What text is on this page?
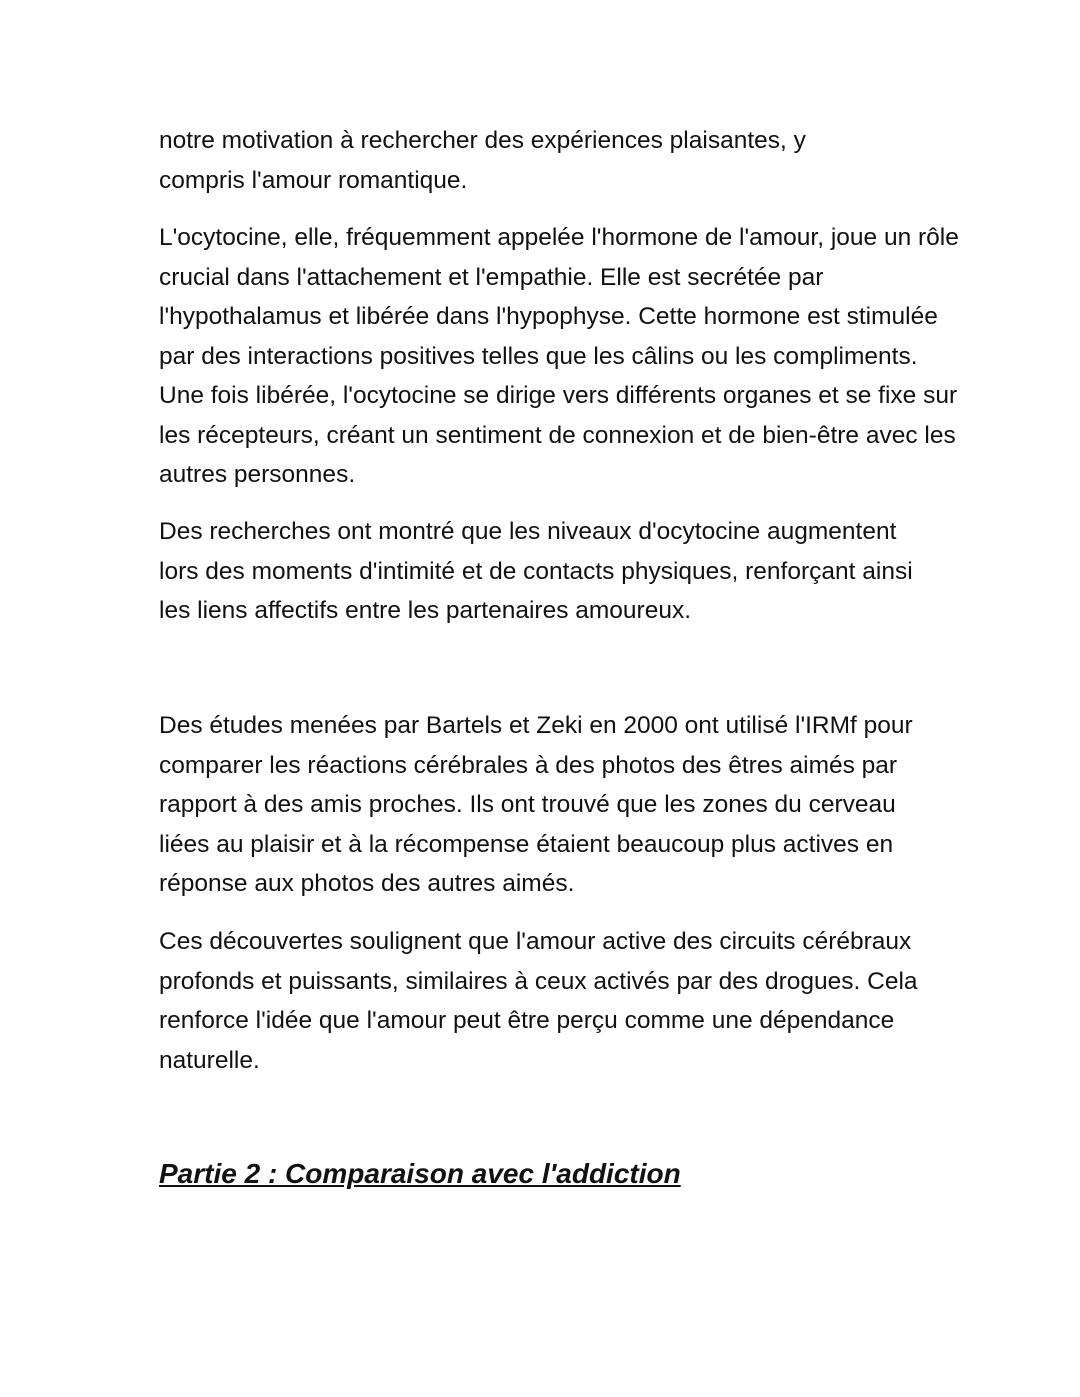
notre motivation à rechercher des expériences plaisantes, y compris l'amour romantique.

L'ocytocine, elle, fréquemment appelée l'hormone de l'amour, joue un rôle crucial dans l'attachement et l'empathie. Elle est secrétée par l'hypothalamus et libérée dans l'hypophyse. Cette hormone est stimulée par des interactions positives telles que les câlins ou les compliments. Une fois libérée, l'ocytocine se dirige vers différents organes et se fixe sur les récepteurs, créant un sentiment de connexion et de bien-être avec les autres personnes.

Des recherches ont montré que les niveaux d'ocytocine augmentent lors des moments d'intimité et de contacts physiques, renforçant ainsi les liens affectifs entre les partenaires amoureux.

Des études menées par Bartels et Zeki en 2000 ont utilisé l'IRMf pour comparer les réactions cérébrales à des photos des êtres aimés par rapport à des amis proches. Ils ont trouvé que les zones du cerveau liées au plaisir et à la récompense étaient beaucoup plus actives en réponse aux photos des autres aimés.

Ces découvertes soulignent que l'amour active des circuits cérébraux profonds et puissants, similaires à ceux activés par des drogues. Cela renforce l'idée que l'amour peut être perçu comme une dépendance naturelle.

Partie 2 : Comparaison avec l'addiction
